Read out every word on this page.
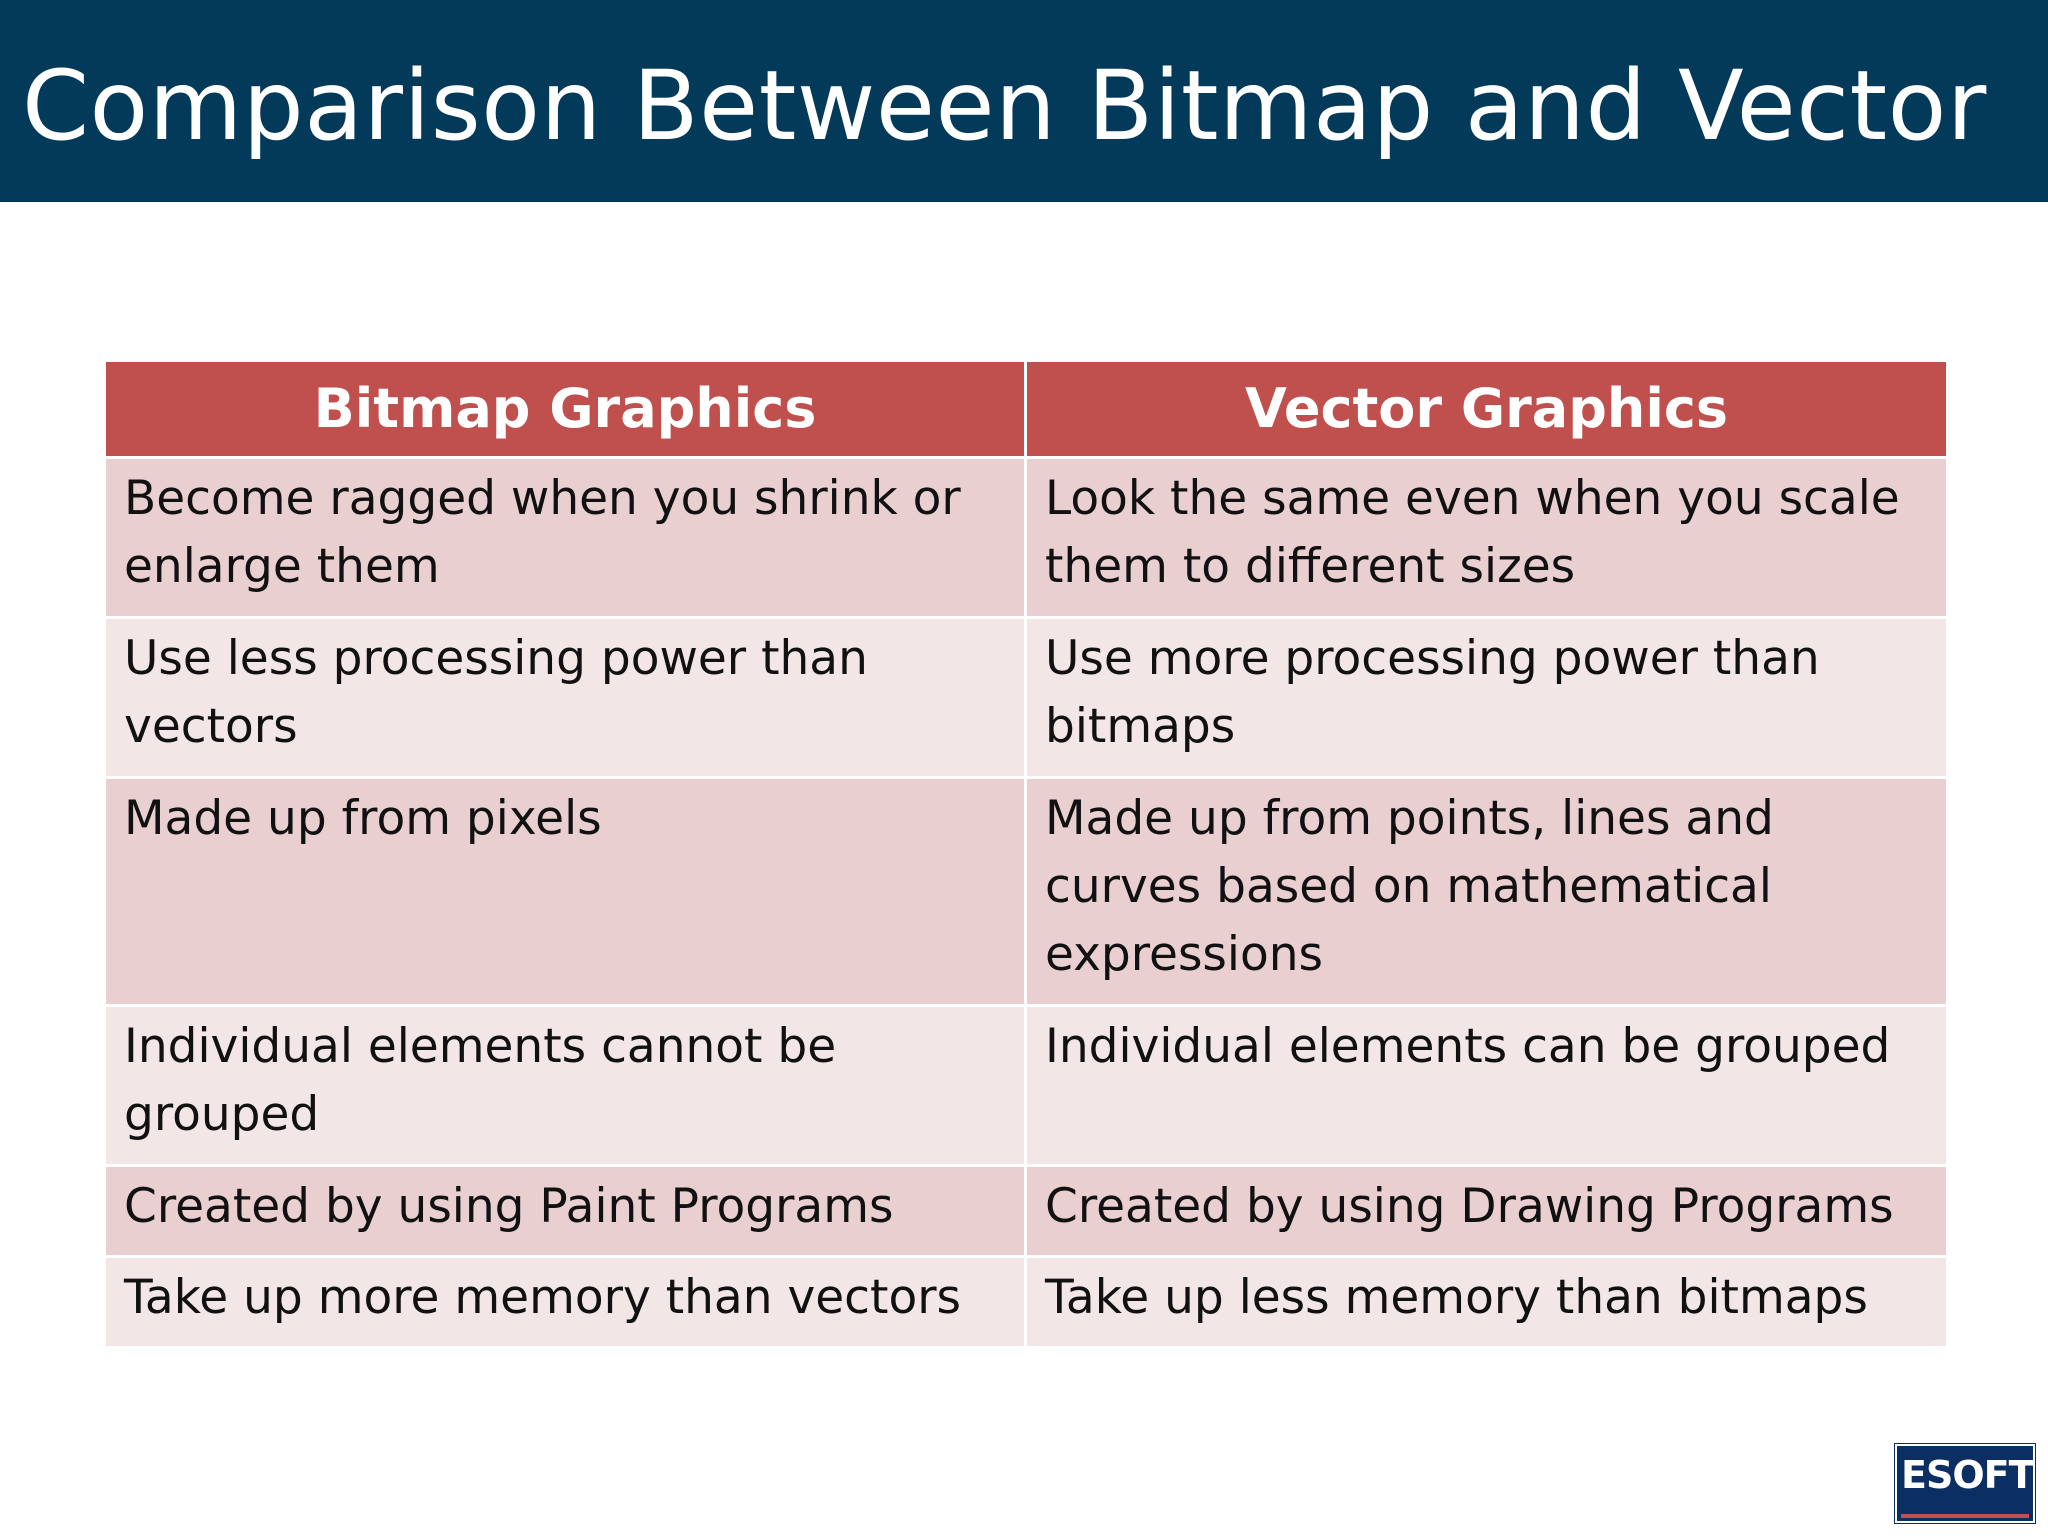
Comparison Between Bitmap and Vector
Bitmap Graphics	Vector Graphics
Become ragged when you shrink or enlarge them	Look the same even when you scale them to different sizes
Use less processing power than vectors	Use more processing power than bitmaps
Made up from pixels	Made up from points, lines and curves based on mathematical expressions
Individual elements cannot be grouped	Individual elements can be grouped
Created by using Paint Programs	Created by using Drawing Programs
Take up more memory than vectors	Take up less memory than bitmaps
ESOFT
